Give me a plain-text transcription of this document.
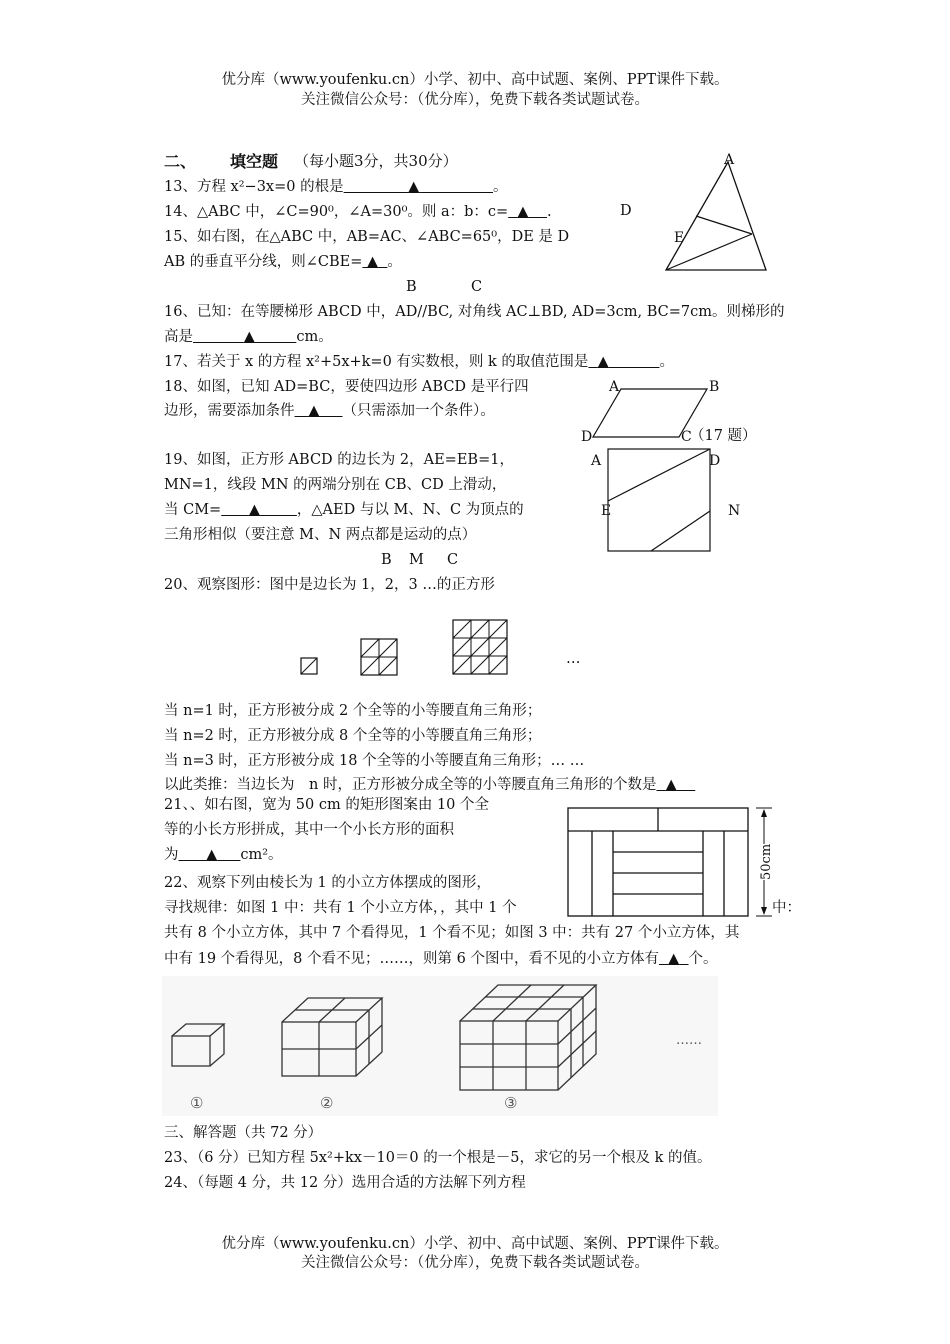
优分库（www.youfenku.cn）小学、初中、高中试题、案例、PPT课件下载。
关注微信公众号：（优分库），免费下载各类试题试卷。
二、 填空题 （每小题3分，共30分）	A
E
D
13、方程 x²−3x=0 的根是	▲	。
14、△ABC 中，∠C=90⁰，∠A=30⁰。则 a：b：c= ▲ .
15、如右图，在△ABC 中，AB=AC、∠ABC=65⁰，DE 是 D
AB 的垂直平分线，则∠CBE= ▲ 。
B	C
16、已知：在等腰梯形 ABCD 中，AD//BC, 对角线 AC⊥BD, AD=3cm, BC=7cm。则梯形的
高是	▲	cm。
17、若关于 x 的方程 x²+5x+k=0 有实数根，则 k 的取值范围是 ▲	。
18、如图，已知 AD=BC，要使四边形 ABCD 是平行四
边形，需要添加条件 ▲ （只需添加一个条件）。
A	B
D	C
（17 题）
19、如图，正方形 ABCD 的边长为 2，AE=EB=1，
MN=1，线段 MN 的两端分别在 CB、CD 上滑动，
当 CM= ▲	，△AED 与以 M、N、C 为顶点的
三角形相似（要注意 M、N 两点都是运动的点）
A	D
E	N
B M C
20、观察图形：图中是边长为 1，2，3 …的正方形
…
当 n=1 时，正方形被分成 2 个全等的小等腰直角三角形；
当 n=2 时，正方形被分成 8 个全等的小等腰直角三角形；
当 n=3 时，正方形被分成 18 个全等的小等腰直角三角形；… …
以此类推：当边长为　n 时，正方形被分成全等的小等腰直角三角形的个数是 ▲
21、、如右图，宽为 50 cm 的矩形图案由 10 个全
等的小长方形拼成，其中一个小长方形的面积
为 ▲ cm²。
22、观察下列由棱长为 1 的小立方体摆成的图形，
寻找规律：如图 1 中：共有 1 个小立方体，，其中 1 个	中：
50cm
共有 8 个小立方体，其中 7 个看得见，1 个看不见；如图 3 中：共有 27 个小立方体，其
中有 19 个看得见，8 个看不见；……，则第 6 个图中，看不见的小立方体有 ▲ 个。
①	②	③
……
三、解答题（共 72 分）
23、（6 分）已知方程 5x²+kx－10＝0 的一个根是－5，求它的另一个根及 k 的值。
24、（每题 4 分，共 12 分）选用合适的方法解下列方程
优分库（www.youfenku.cn）小学、初中、高中试题、案例、PPT课件下载。
关注微信公众号：（优分库），免费下载各类试题试卷。
